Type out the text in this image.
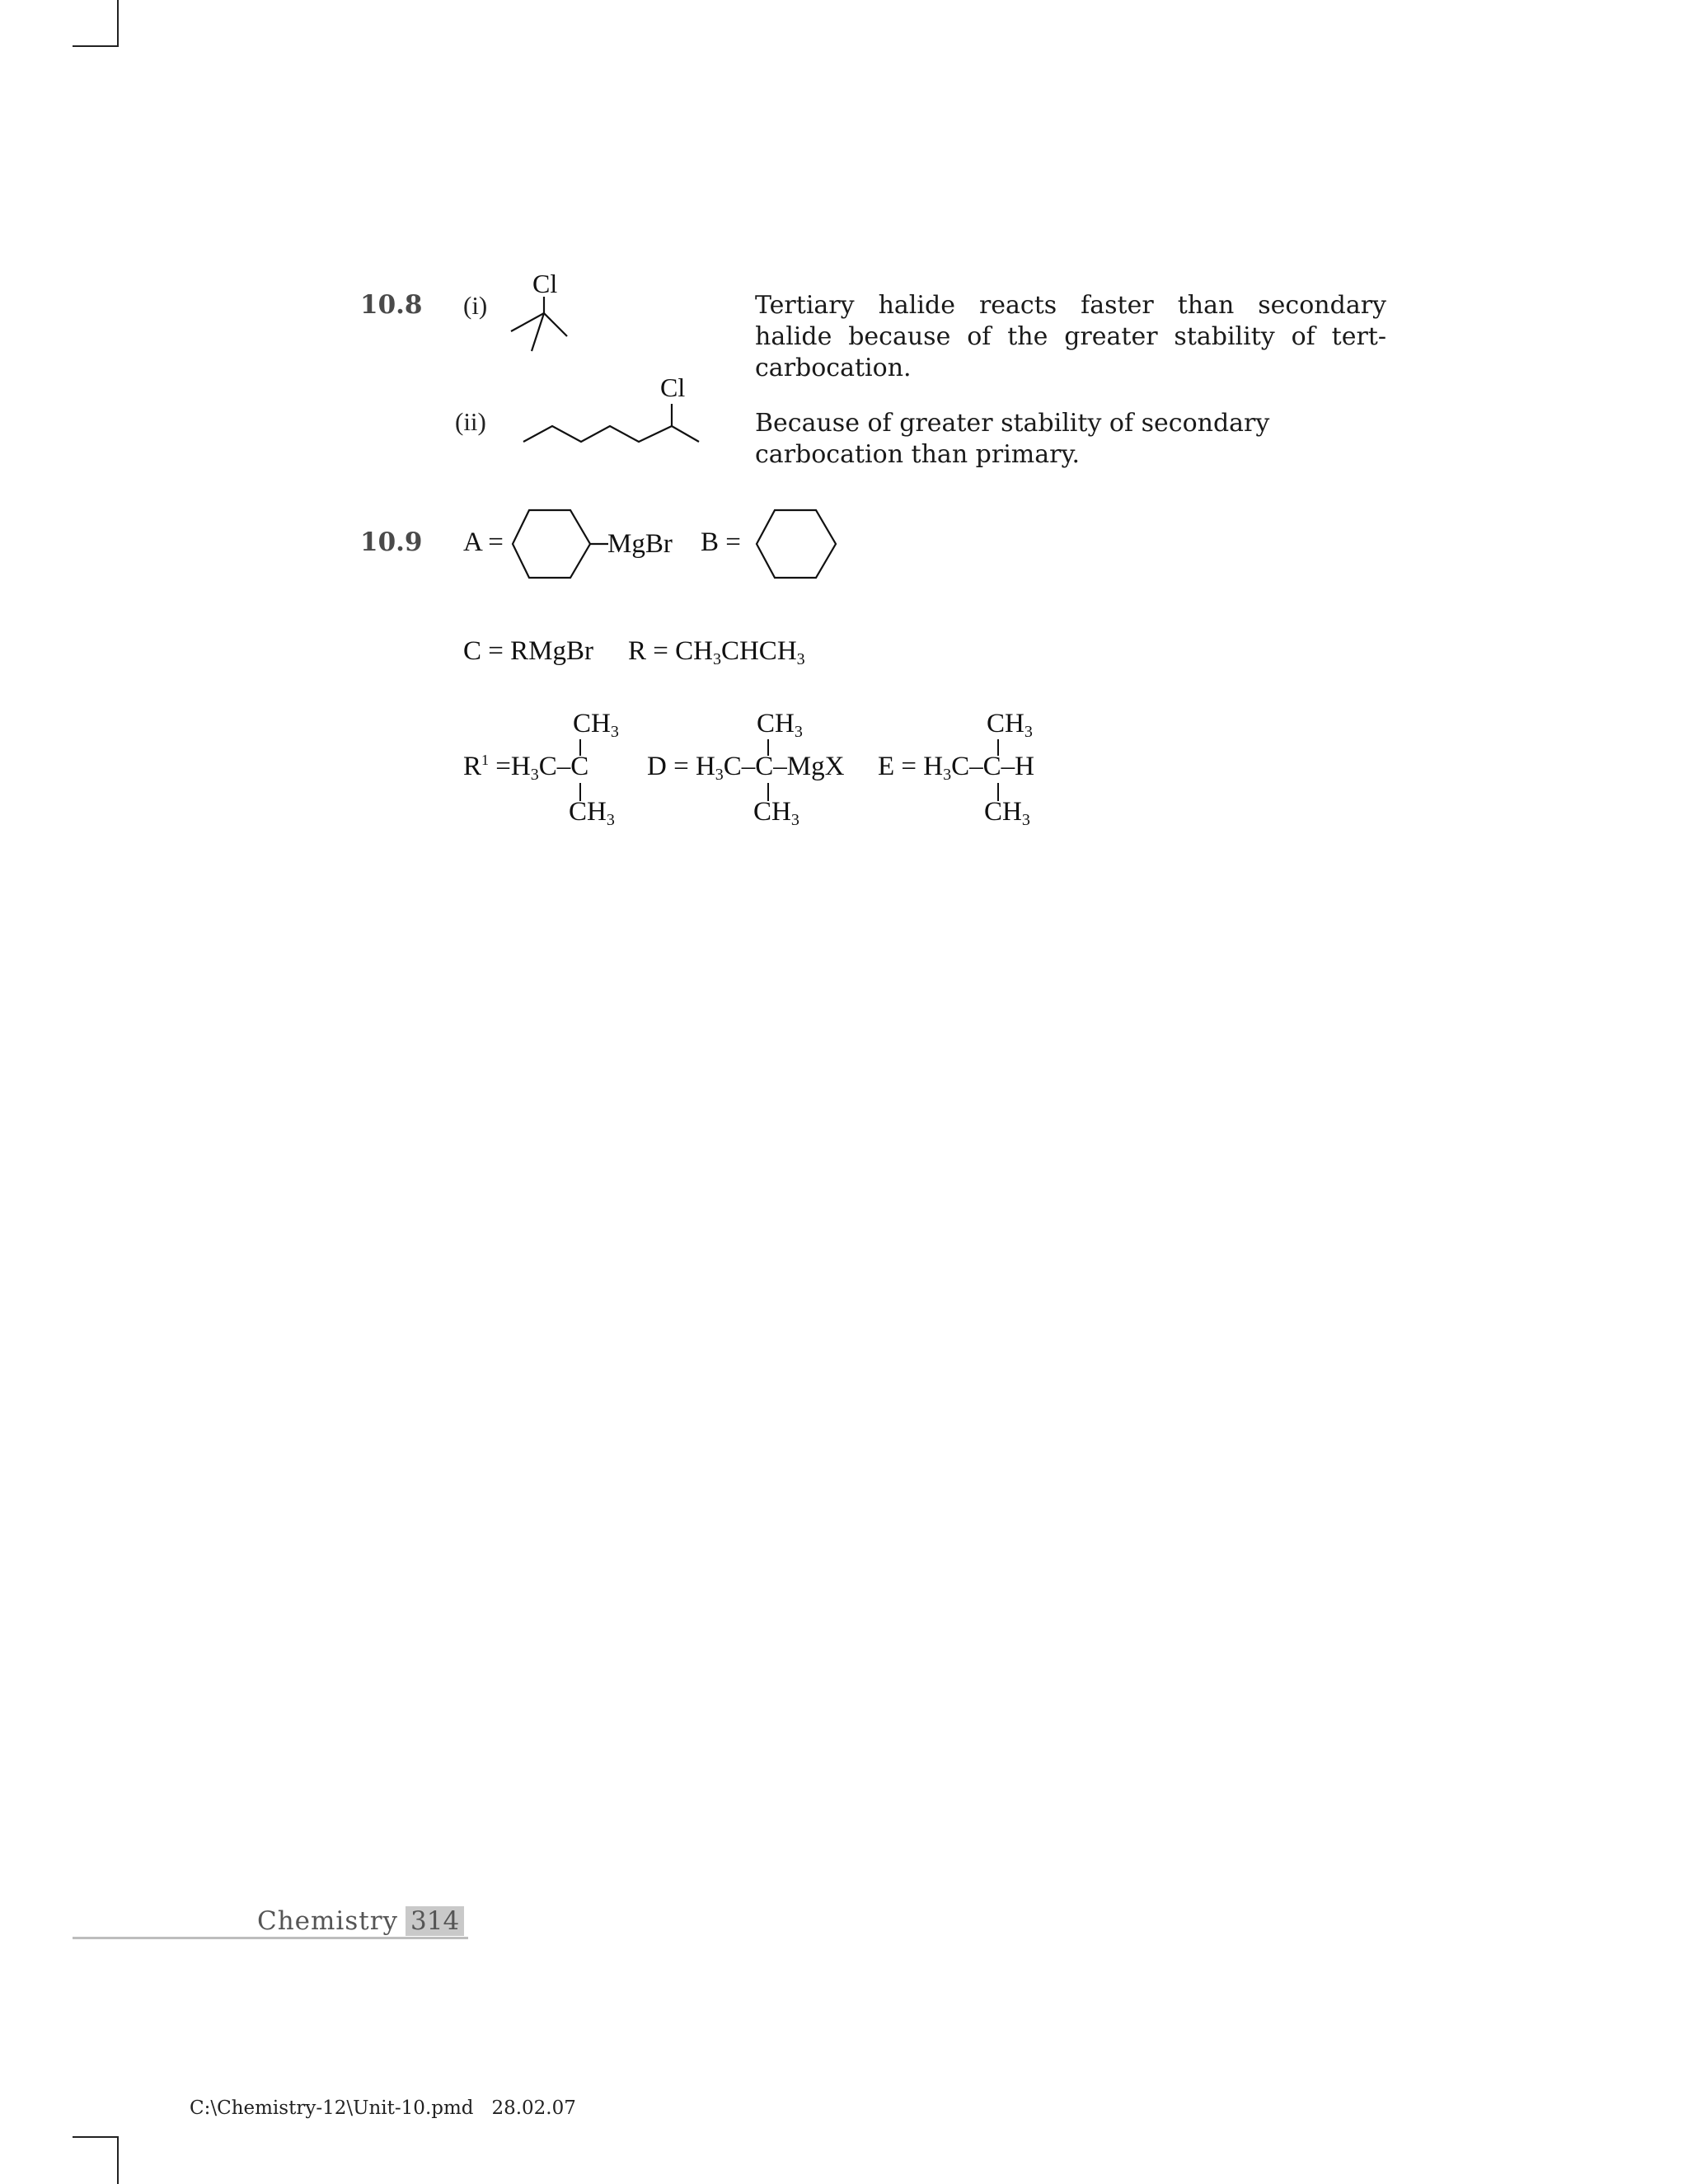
10.8 (i)
Cl
Tertiary halide reacts faster than secondary halide because of the greater stability of tert-carbocation.
(ii)
Cl
Because of greater stability of secondary carbocation than primary.
10.9 A =	MgBr B =
C = RMgBr $R = CH_3CHCH_3$
$CH_3$
$R^1 =H_3C-C$
$CH_3$
$CH_3$
$D = H_3C-C$–MgX
$CH_3$
$CH_3$
$E = H_3C-C-H$
$CH_3$
Chemistry 314
C:\Chemistry-12\Unit-10.pmd 28.02.07
